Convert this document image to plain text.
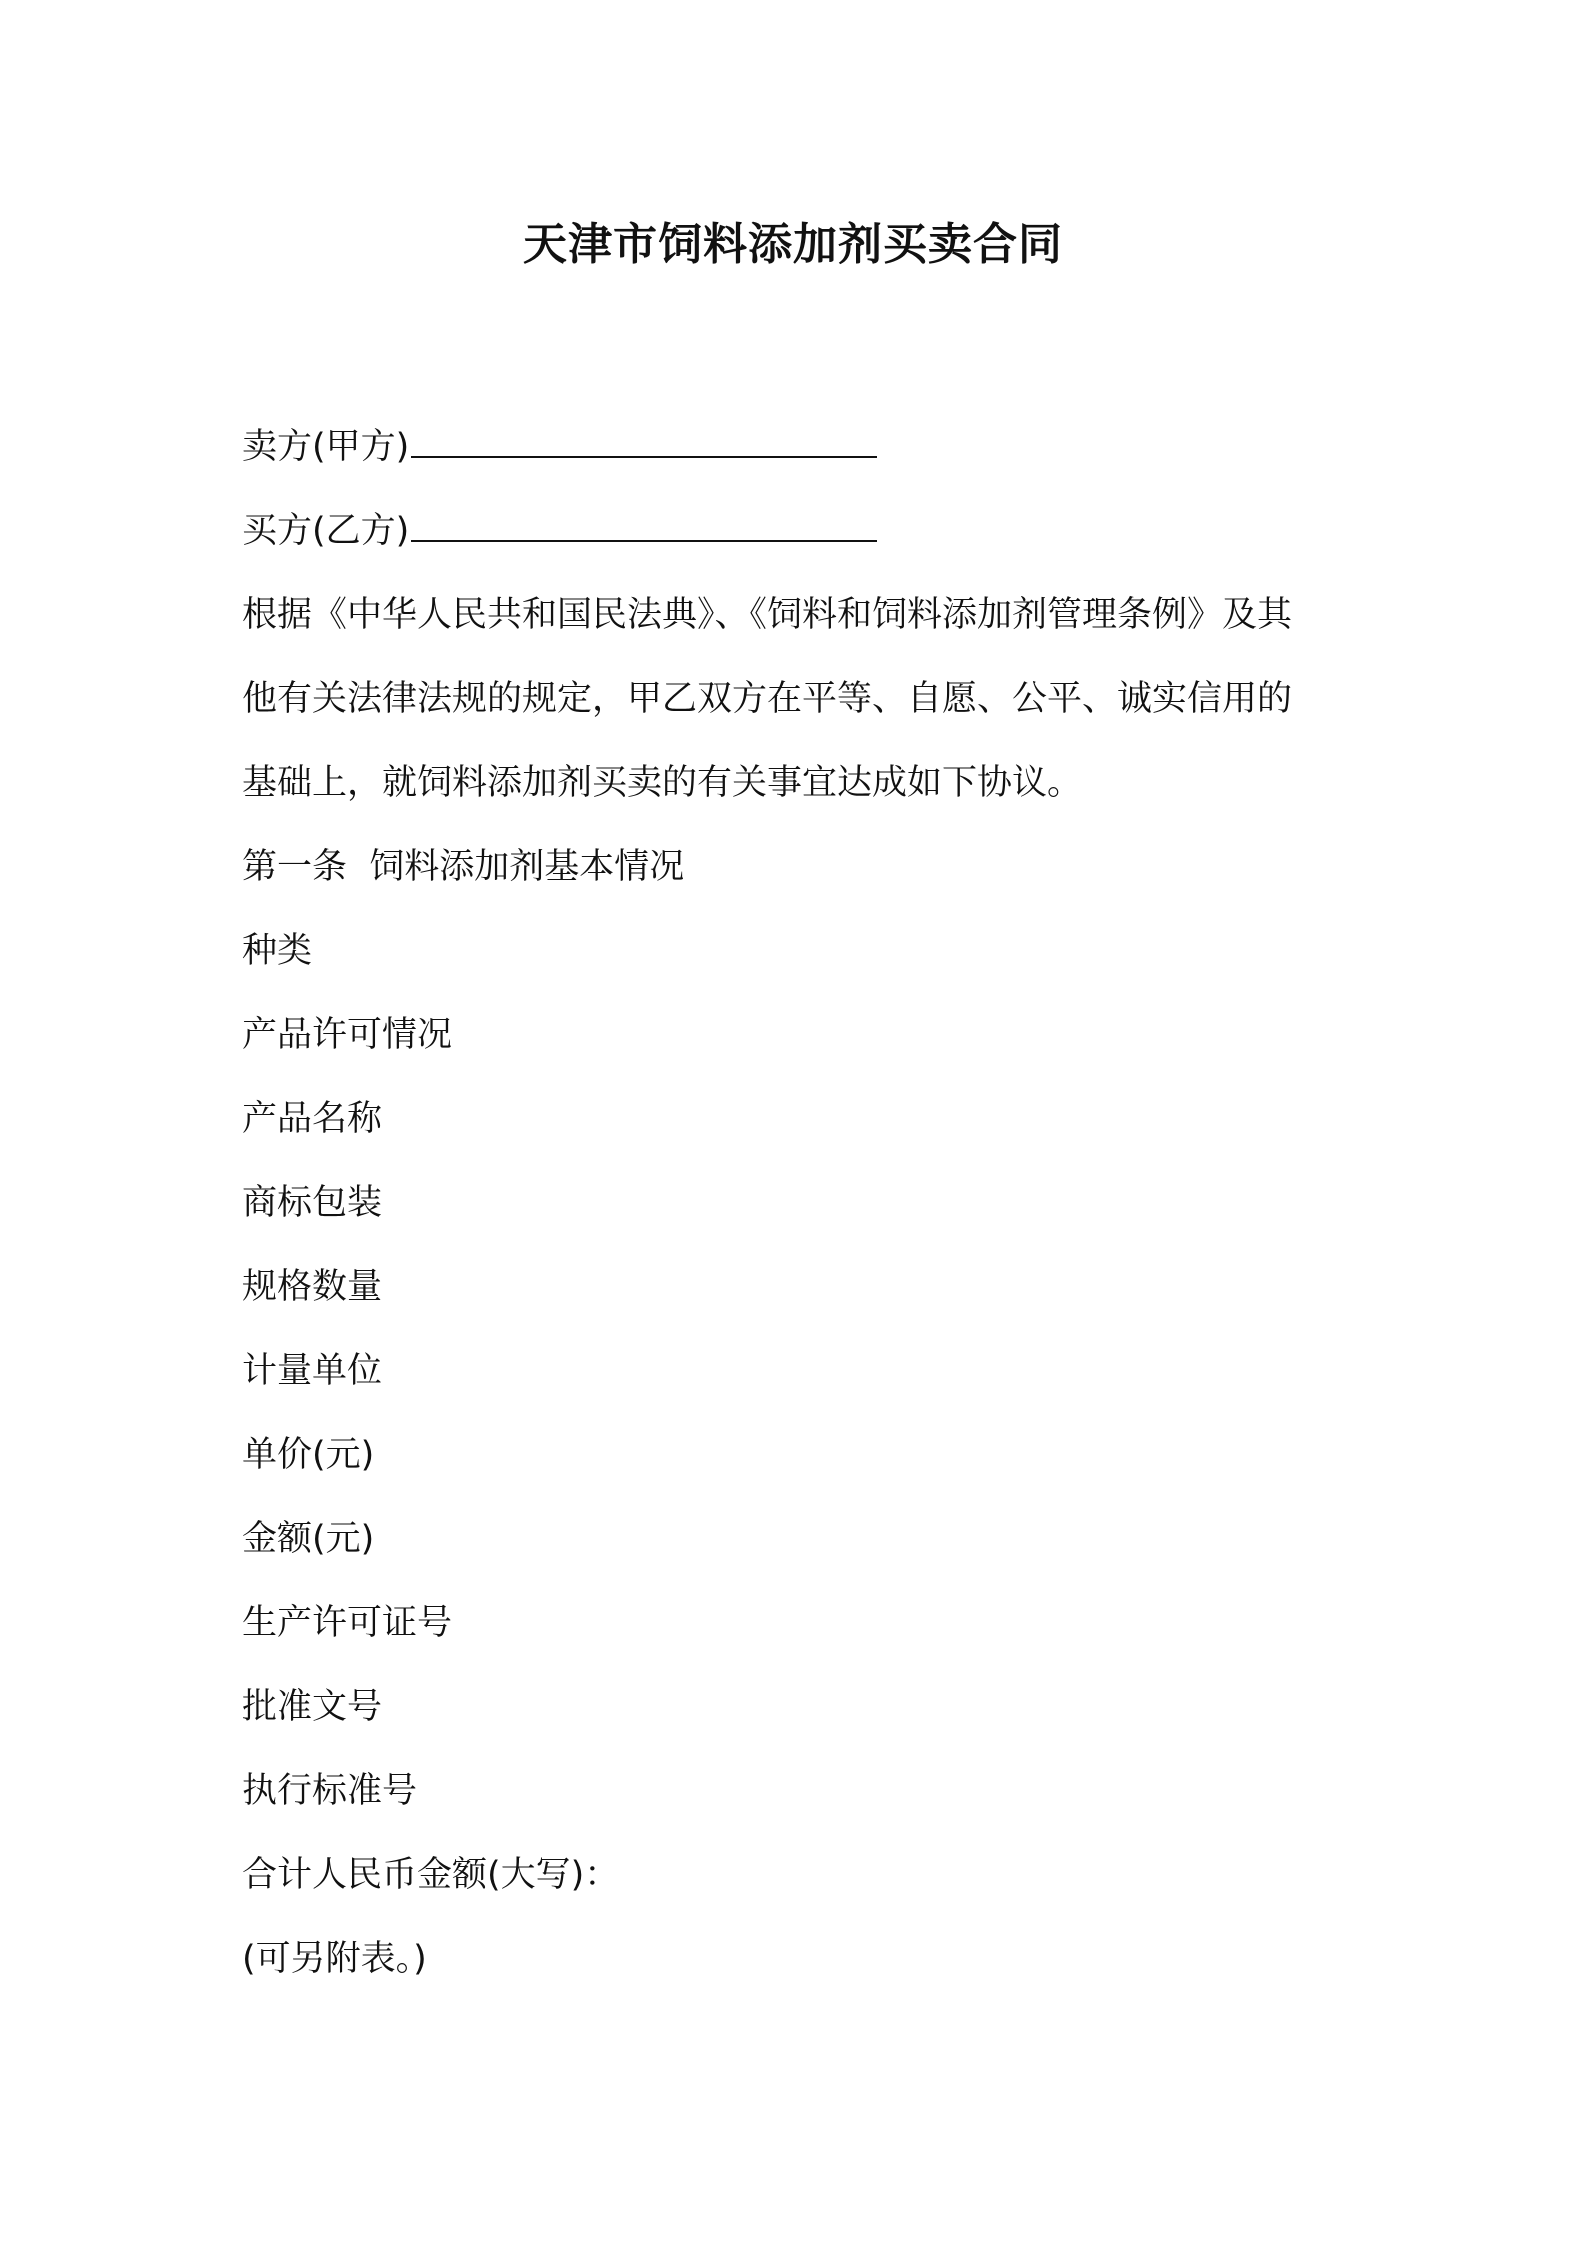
天津市饲料添加剂买卖合同
卖方(甲方)
买方(乙方)
根据《中华人民共和国民法典》、《饲料和饲料添加剂管理条例》及其
他有关法律法规的规定，甲乙双方在平等、自愿、公平、诚实信用的
基础上，就饲料添加剂买卖的有关事宜达成如下协议。
第一条  饲料添加剂基本情况
种类
产品许可情况
产品名称
商标包装
规格数量
计量单位
单价(元)
金额(元)
生产许可证号
批准文号
执行标准号
合计人民币金额(大写)：
(可另附表。)
